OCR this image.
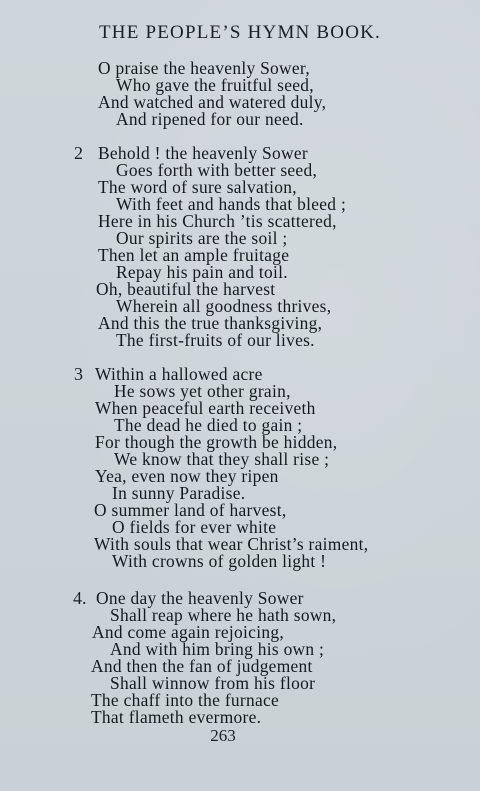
THE PEOPLE’S HYMN BOOK.
O praise the heavenly Sower,
Who gave the fruitful seed,
And watched and watered duly,
And ripened for our need.
2 Behold ! the heavenly Sower
Goes forth with better seed,
The word of sure salvation,
With feet and hands that bleed ;
Here in his Church ’tis scattered,
Our spirits are the soil ;
Then let an ample fruitage
Repay his pain and toil.
Oh, beautiful the harvest
Wherein all goodness thrives,
And this the true thanksgiving,
The first-fruits of our lives.
3 Within a hallowed acre
He sows yet other grain,
When peaceful earth receiveth
The dead he died to gain ;
For though the growth be hidden,
We know that they shall rise ;
Yea, even now they ripen
In sunny Paradise.
O summer land of harvest,
O fields for ever white
With souls that wear Christ’s raiment,
With crowns of golden light !
4. One day the heavenly Sower
Shall reap where he hath sown,
And come again rejoicing,
And with him bring his own ;
And then the fan of judgement
Shall winnow from his floor
The chaff into the furnace
That flameth evermore.
263
